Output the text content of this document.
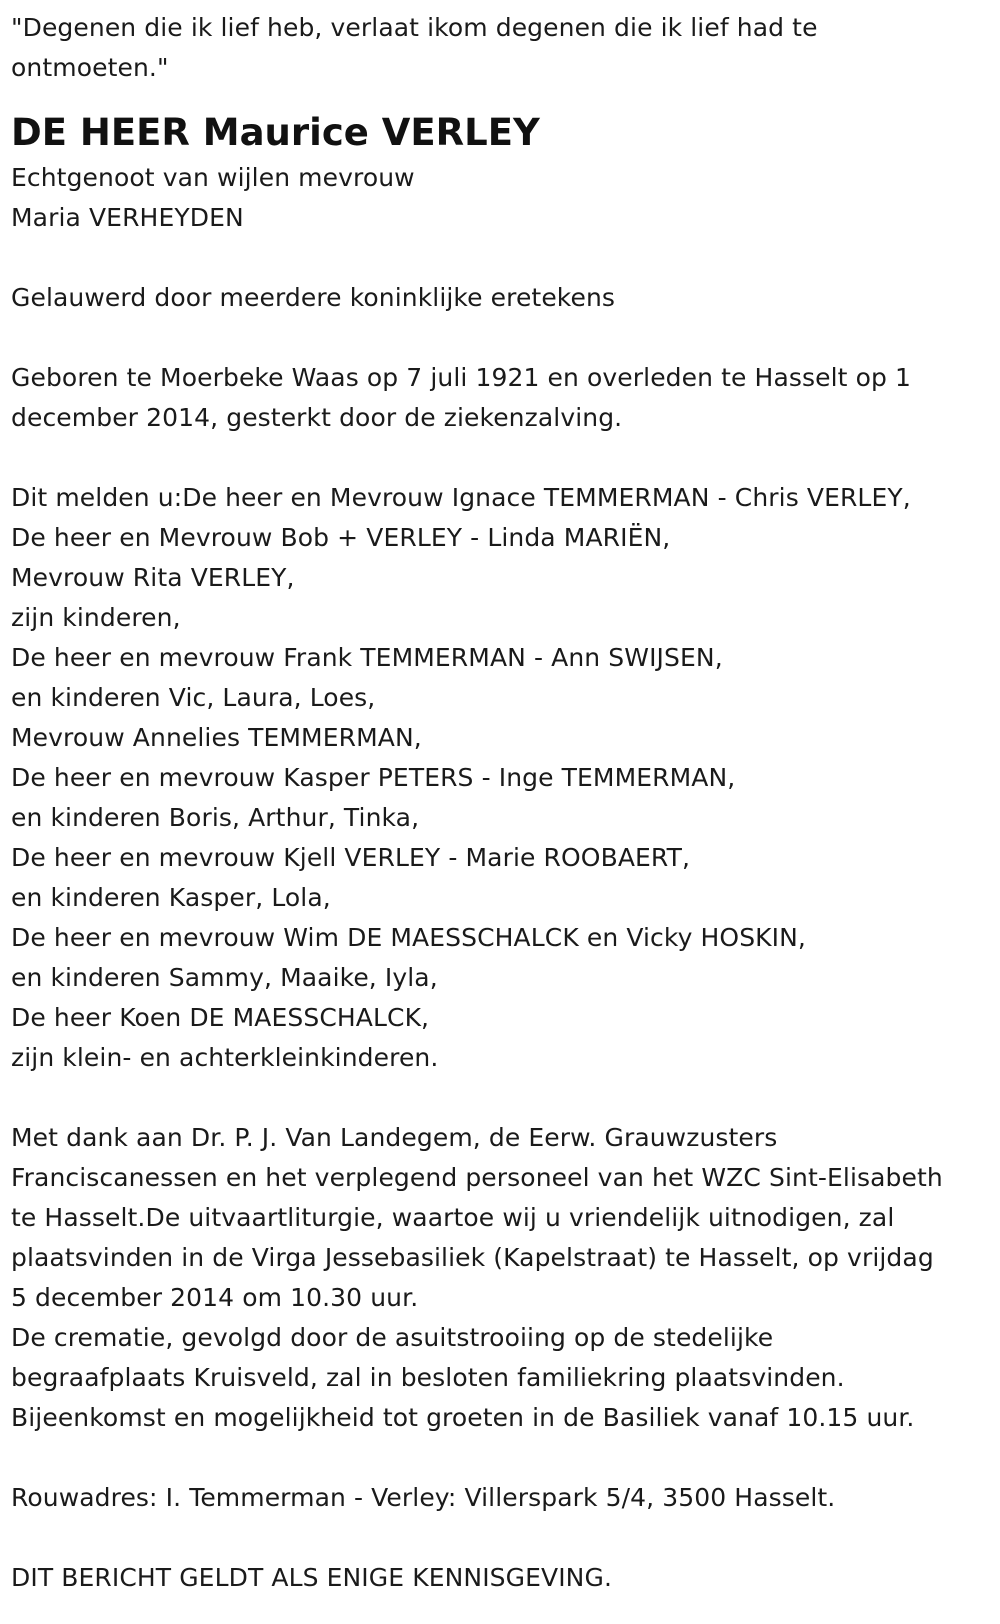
"Degenen die ik lief heb, verlaat ikom degenen die ik lief had te
ontmoeten."
DE HEER Maurice VERLEY
Echtgenoot van wijlen mevrouw
Maria VERHEYDEN
Gelauwerd door meerdere koninklijke eretekens
Geboren te Moerbeke Waas op 7 juli 1921 en overleden te Hasselt op 1
december 2014, gesterkt door de ziekenzalving.
Dit melden u:De heer en Mevrouw Ignace TEMMERMAN - Chris VERLEY,
De heer en Mevrouw Bob + VERLEY - Linda MARIËN,
Mevrouw Rita VERLEY,
zijn kinderen,
De heer en mevrouw Frank TEMMERMAN - Ann SWIJSEN,
en kinderen Vic, Laura, Loes,
Mevrouw Annelies TEMMERMAN,
De heer en mevrouw Kasper PETERS - Inge TEMMERMAN,
en kinderen Boris, Arthur, Tinka,
De heer en mevrouw Kjell VERLEY - Marie ROOBAERT,
en kinderen Kasper, Lola,
De heer en mevrouw Wim DE MAESSCHALCK en Vicky HOSKIN,
en kinderen Sammy, Maaike, Iyla,
De heer Koen DE MAESSCHALCK,
zijn klein- en achterkleinkinderen.
Met dank aan Dr. P. J. Van Landegem, de Eerw. Grauwzusters
Franciscanessen en het verplegend personeel van het WZC Sint-Elisabeth
te Hasselt.De uitvaartliturgie, waartoe wij u vriendelijk uitnodigen, zal
plaatsvinden in de Virga Jessebasiliek (Kapelstraat) te Hasselt, op vrijdag
5 december 2014 om 10.30 uur.
De crematie, gevolgd door de asuitstrooiing op de stedelijke
begraafplaats Kruisveld, zal in besloten familiekring plaatsvinden.
Bijeenkomst en mogelijkheid tot groeten in de Basiliek vanaf 10.15 uur.
Rouwadres: I. Temmerman - Verley: Villerspark 5/4, 3500 Hasselt.
DIT BERICHT GELDT ALS ENIGE KENNISGEVING.
